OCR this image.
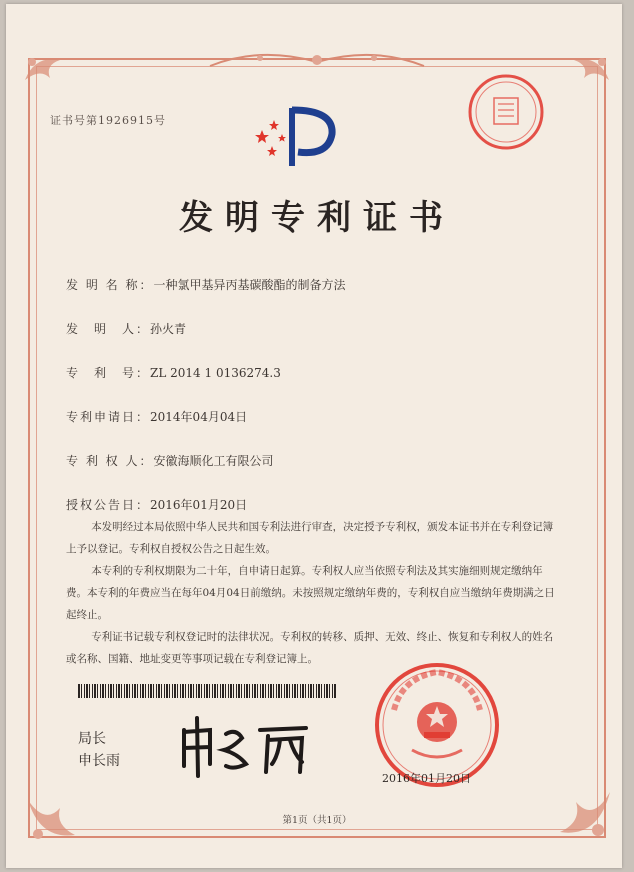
证书号第1926915号
发明专利证书
发 明 名 称：一种氯甲基异丙基碳酸酯的制备方法
发　明　人：孙火青
专　利　号：ZL 2014 1 0136274.3
专利申请日：2014年04月04日
专 利 权 人：安徽海顺化工有限公司
授权公告日：2016年01月20日

本发明经过本局依照中华人民共和国专利法进行审查，决定授予专利权，颁发本证书并在专利登记簿上予以登记。专利权自授权公告之日起生效。

本专利的专利权期限为二十年，自申请日起算。专利权人应当依照专利法及其实施细则规定缴纳年费。本专利的年费应当在每年04月04日前缴纳。未按照规定缴纳年费的，专利权自应当缴纳年费期满之日起终止。

专利证书记载专利权登记时的法律状况。专利权的转移、质押、无效、终止、恢复和专利权人的姓名或名称、国籍、地址变更等事项记载在专利登记簿上。

局长
申长雨
2016年01月20日
第1页（共1页）
